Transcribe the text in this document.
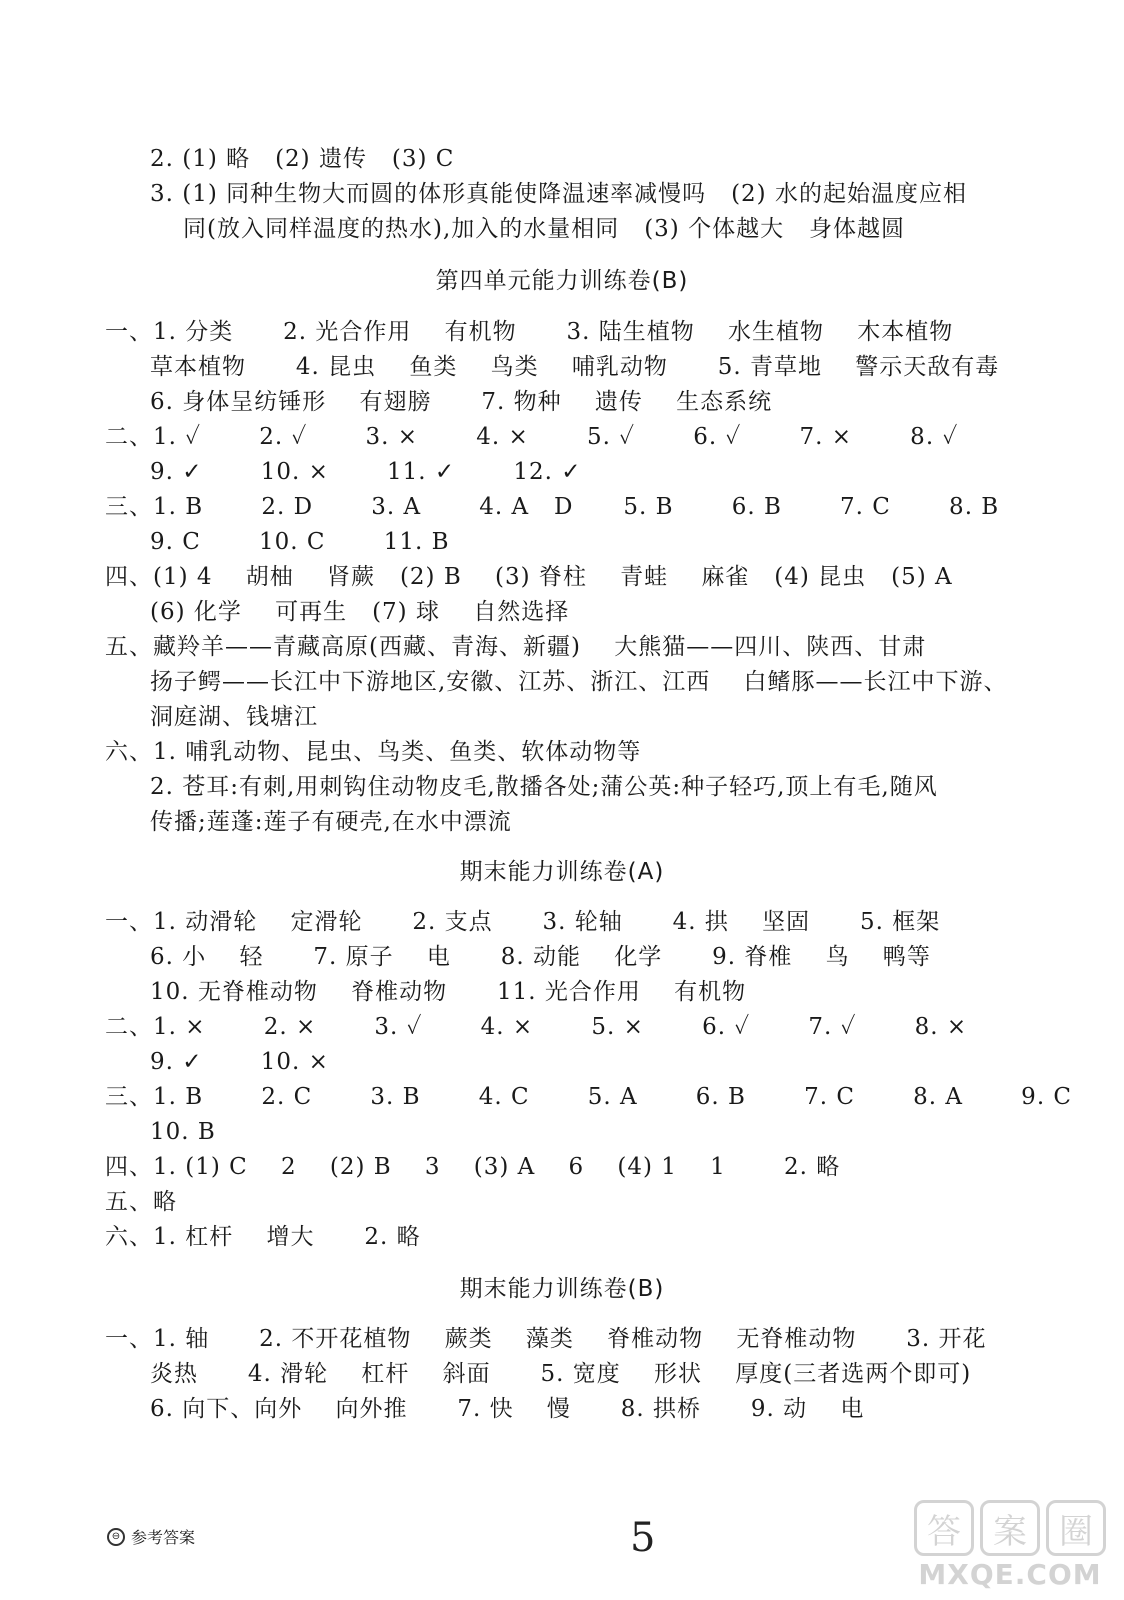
2. (1) 略   (2) 遗传   (3) C
3. (1) 同种生物大而圆的体形真能使降温速率减慢吗   (2) 水的起始温度应相
同(放入同样温度的热水),加入的水量相同   (3) 个体越大   身体越圆
第四单元能力训练卷(B)
一、1. 分类      2. 光合作用    有机物      3. 陆生植物    水生植物    木本植物
草本植物      4. 昆虫    鱼类    鸟类    哺乳动物      5. 青草地    警示天敌有毒
6. 身体呈纺锤形    有翅膀      7. 物种    遗传    生态系统
二、1. ✓       2. ✓       3. ×       4. ×       5. ✓       6. ✓       7. ×       8. ✓
9. ✓       10. ×       11. ✓       12. ✓
三、1. B       2. D       3. A       4. A   D      5. B       6. B       7. C       8. B
9. C       10. C       11. B
四、(1) 4    胡柚    肾蕨   (2) B    (3) 脊柱    青蛙    麻雀   (4) 昆虫   (5) A
(6) 化学    可再生   (7) 球    自然选择
五、藏羚羊——青藏高原(西藏、青海、新疆)    大熊猫——四川、陕西、甘肃
扬子鳄——长江中下游地区,安徽、江苏、浙江、江西    白鳍豚——长江中下游、
洞庭湖、钱塘江
六、1. 哺乳动物、昆虫、鸟类、鱼类、软体动物等
2. 苍耳:有刺,用刺钩住动物皮毛,散播各处;蒲公英:种子轻巧,顶上有毛,随风
传播;莲蓬:莲子有硬壳,在水中漂流
期末能力训练卷(A)
一、1. 动滑轮    定滑轮      2. 支点      3. 轮轴      4. 拱    坚固      5. 框架
6. 小    轻      7. 原子    电      8. 动能    化学      9. 脊椎    鸟    鸭等
10. 无脊椎动物    脊椎动物      11. 光合作用    有机物
二、1. ×       2. ×       3. ✓       4. ×       5. ×       6. ✓       7. ✓       8. ×
9. ✓       10. ×
三、1. B       2. C       3. B       4. C       5. A       6. B       7. C       8. A       9. C
10. B
四、1. (1) C    2    (2) B    3    (3) A    6    (4) 1    1       2. 略
五、略
六、1. 杠杆    增大      2. 略
期末能力训练卷(B)
一、1. 轴      2. 不开花植物    蕨类    藻类    脊椎动物    无脊椎动物      3. 开花
炎热      4. 滑轮    杠杆    斜面      5. 宽度    形状    厚度(三者选两个即可)
6. 向下、向外    向外推      7. 快    慢      8. 拱桥      9. 动    电
⊖ 参考答案	5	答 案 圈
MXQE.COM
